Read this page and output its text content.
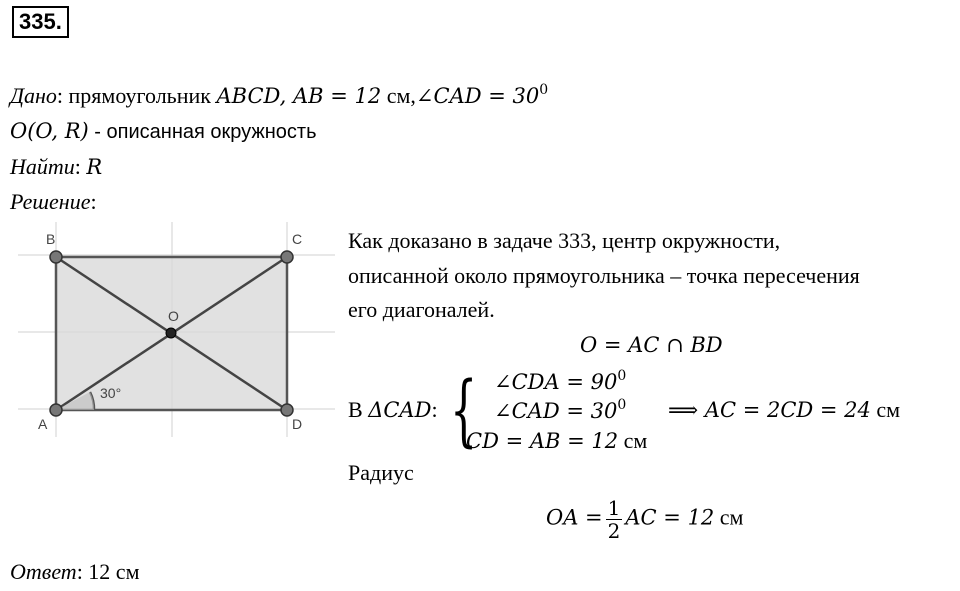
335.
Дано: прямоугольник ABCD, AB = 12 см,∠CAD = $30^0$
O(O, R) - описанная окружность
Найти: R
Решение:
B	C
A	D
O
30°
Как доказано в задаче 333, центр окружности,
описанной около прямоугольника – точка пересечения
его диагоналей.
O = AC ∩ BD
В ΔCAD: { ∠CDA = $90^0$
∠CAD = $30^0$
CD = AB = 12 см
⟹ AC = 2CD = 24 см
Радиус
OA = $\frac{1}{2}$ AC = 12 см
Ответ: 12 см
